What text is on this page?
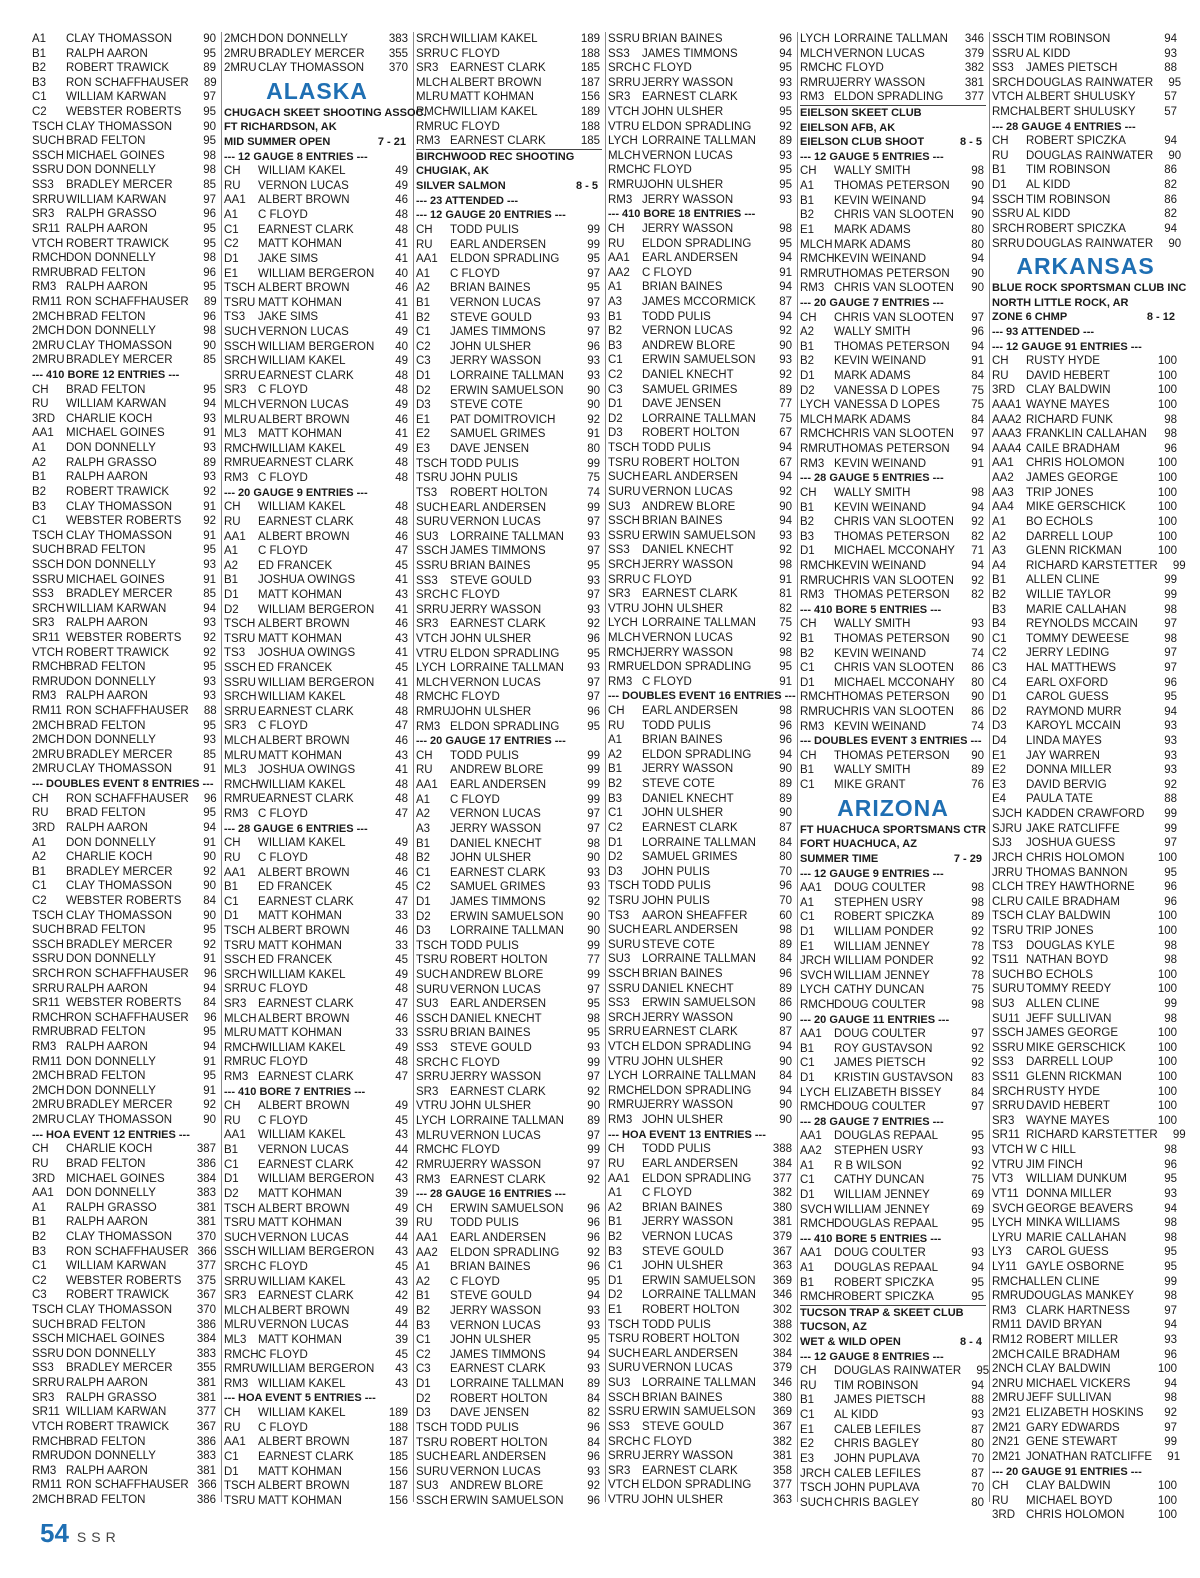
A1	CLAY THOMASSON	90
B1	RALPH AARON	95
B2	ROBERT TRAWICK	89
B3	RON SCHAFFHAUSER	89
C1	WILLIAM KARWAN	97
C2	WEBSTER ROBERTS	95
TSCH CLAY THOMASSON	90
SUCH BRAD FELTON	95
SSCH MICHAEL GOINES	98
SSRU DON DONNELLY	98
SS3	BRADLEY MERCER	85
SRRU WILLIAM KARWAN	97
SR3	RALPH GRASSO	96
SR11 RALPH AARON	95
VTCH ROBERT TRAWICK	95
RMCH DON DONNELLY	98
RMRU BRAD FELTON	96
RM3 RALPH AARON	95
RM11 RON SCHAFFHAUSER	89
2MCH BRAD FELTON	96
2MCH DON DONNELLY	98
2MRU CLAY THOMASSON	90
2MRU BRADLEY MERCER	85
--- 410 BORE 12 ENTRIES ---
CH	BRAD FELTON	95
RU	WILLIAM KARWAN	94
3RD CHARLIE KOCH	93
AA1	MICHAEL GOINES	91
A1	DON DONNELLY	93
A2	RALPH GRASSO	89
B1	RALPH AARON	93
B2	ROBERT TRAWICK	92
B3	CLAY THOMASSON	91
C1	WEBSTER ROBERTS	92
TSCH CLAY THOMASSON	91
SUCH BRAD FELTON	95
SSCH DON DONNELLY	93
SSRU MICHAEL GOINES	91
SS3	BRADLEY MERCER	85
SRCH WILLIAM KARWAN	94
SR3	RALPH AARON	93
SR11 WEBSTER ROBERTS	92
VTCH ROBERT TRAWICK	92
RMCH BRAD FELTON	95
RMRU DON DONNELLY	93
RM3 RALPH AARON	93
RM11 RON SCHAFFHAUSER	88
2MCH BRAD FELTON	95
2MCH DON DONNELLY	93
2MRU BRADLEY MERCER	85
2MRU CLAY THOMASSON	91
--- DOUBLES EVENT 8 ENTRIES ---
CH	RON SCHAFFHAUSER	96
RU	BRAD FELTON	95
3RD RALPH AARON	94
A1	DON DONNELLY	91
A2	CHARLIE KOCH	90
B1	BRADLEY MERCER	92
C1	CLAY THOMASSON	90
C2	WEBSTER ROBERTS	84
TSCH CLAY THOMASSON	90
SUCH BRAD FELTON	95
SSCH BRADLEY MERCER	92
SSRU DON DONNELLY	91
SRCH RON SCHAFFHAUSER	96
SRRU RALPH AARON	94
SR11 WEBSTER ROBERTS	84
RMCH RON SCHAFFHAUSER	96
RMRU BRAD FELTON	95
RM3 RALPH AARON	94
RM11 DON DONNELLY	91
2MCH BRAD FELTON	95
2MCH DON DONNELLY	91
2MRU BRADLEY MERCER	92
2MRU CLAY THOMASSON	90
--- HOA EVENT 12 ENTRIES ---
CH	CHARLIE KOCH	387
RU	BRAD FELTON	386
3RD MICHAEL GOINES	384
AA1	DON DONNELLY	383
A1	RALPH GRASSO	381
B1	RALPH AARON	381
B2	CLAY THOMASSON	370
B3	RON SCHAFFHAUSER 366
C1	WILLIAM KARWAN	377
C2	WEBSTER ROBERTS	375
C3	ROBERT TRAWICK	367
TSCH CLAY THOMASSON	370
SUCH BRAD FELTON	386
SSCH MICHAEL GOINES	384
SSRU DON DONNELLY	383
SS3	BRADLEY MERCER	355
SRRU RALPH AARON	381
SR3	RALPH GRASSO	381
SR11 WILLIAM KARWAN	377
VTCH ROBERT TRAWICK	367
RMCH BRAD FELTON	386
RMRU DON DONNELLY	383
RM3 RALPH AARON	381
RM11 RON SCHAFFHAUSER 366
2MCH BRAD FELTON	386
2MCH DON DONNELLY	383
2MRU BRADLEY MERCER	355
2MRU CLAY THOMASSON	370
ALASKA
CHUGACH SKEET SHOOTING ASSOC.
FT RICHARDSON, AK
MID SUMMER OPEN	7 - 21
--- 12 GAUGE 8 ENTRIES ---
CH	WILLIAM KAKEL	49
RU	VERNON LUCAS	49
AA1	ALBERT BROWN	46
A1	C FLOYD	48
C1	EARNEST CLARK	48
C2	MATT KOHMAN	41
D1	JAKE SIMS	41
E1	WILLIAM BERGERON	40
TSCH ALBERT BROWN	46
TSRU MATT KOHMAN	41
TS3	JAKE SIMS	41
SUCH VERNON LUCAS	49
SSCH WILLIAM BERGERON	40
SRCH WILLIAM KAKEL	49
SRRU EARNEST CLARK	48
SR3	C FLOYD	48
MLCH VERNON LUCAS	49
MLRU ALBERT BROWN	46
ML3	MATT KOHMAN	41
RMCH WILLIAM KAKEL	49
RMRU EARNEST CLARK	48
RM3 C FLOYD	48
--- 20 GAUGE 9 ENTRIES ---
CH	WILLIAM KAKEL	48
RU	EARNEST CLARK	48
AA1	ALBERT BROWN	46
A1	C FLOYD	47
A2	ED FRANCEK	45
B1	JOSHUA OWINGS	41
D1	MATT KOHMAN	43
D2	WILLIAM BERGERON	41
TSCH ALBERT BROWN	46
TSRU MATT KOHMAN	43
TS3	JOSHUA OWINGS	41
SSCH ED FRANCEK	45
SSRU WILLIAM BERGERON	41
SRCH WILLIAM KAKEL	48
SRRU EARNEST CLARK	48
SR3	C FLOYD	47
MLCH ALBERT BROWN	46
MLRU MATT KOHMAN	43
ML3	JOSHUA OWINGS	41
RMCH WILLIAM KAKEL	48
RMRU EARNEST CLARK	48
RM3 C FLOYD	47
--- 28 GAUGE 6 ENTRIES ---
CH	WILLIAM KAKEL	49
RU	C FLOYD	48
AA1	ALBERT BROWN	46
B1	ED FRANCEK	45
C1	EARNEST CLARK	47
D1	MATT KOHMAN	33
TSCH ALBERT BROWN	46
TSRU MATT KOHMAN	33
SSCH ED FRANCEK	45
SRCH WILLIAM KAKEL	49
SRRU C FLOYD	48
SR3	EARNEST CLARK	47
MLCH ALBERT BROWN	46
MLRU MATT KOHMAN	33
RMCH WILLIAM KAKEL	49
RMRU C FLOYD	48
RM3 EARNEST CLARK	47
--- 410 BORE 7 ENTRIES ---
CH	ALBERT BROWN	49
RU	C FLOYD	45
AA1	WILLIAM KAKEL	43
B1	VERNON LUCAS	44
C1	EARNEST CLARK	42
D1	WILLIAM BERGERON	43
D2	MATT KOHMAN	39
TSCH ALBERT BROWN	49
TSRU MATT KOHMAN	39
SUCH VERNON LUCAS	44
SSCH WILLIAM BERGERON	43
SRCH C FLOYD	45
SRRU WILLIAM KAKEL	43
SR3	EARNEST CLARK	42
MLCH ALBERT BROWN	49
MLRU VERNON LUCAS	44
ML3	MATT KOHMAN	39
RMCH C FLOYD	45
RMRU WILLIAM BERGERON	43
RM3 WILLIAM KAKEL	43
--- HOA EVENT 5 ENTRIES ---
CH	WILLIAM KAKEL	189
RU	C FLOYD	188
AA1	ALBERT BROWN	187
C1	EARNEST CLARK	185
D1	MATT KOHMAN	156
TSCH ALBERT BROWN	187
TSRU MATT KOHMAN	156
SRCH WILLIAM KAKEL	189
SRRU C FLOYD	188
SR3	EARNEST CLARK	185
MLCH ALBERT BROWN	187
MLRU MATT KOHMAN	156
RMCH WILLIAM KAKEL	189
RMRU C FLOYD	188
RM3 EARNEST CLARK	185
BIRCHWOOD REC SHOOTING
CHUGIAK, AK
SILVER SALMON	8 - 5
--- 23 ATTENDED ---
--- 12 GAUGE 20 ENTRIES ---
CH	TODD PULIS	99
RU	EARL ANDERSEN	99
AA1	ELDON SPRADLING	95
A1	C FLOYD	97
A2	BRIAN BAINES	95
B1	VERNON LUCAS	97
B2	STEVE GOULD	93
C1	JAMES TIMMONS	97
C2	JOHN ULSHER	96
C3	JERRY WASSON	93
D1	LORRAINE TALLMAN	93
D2	ERWIN SAMUELSON	90
D3	STEVE COTE	90
E1	PAT DOMITROVICH	92
E2	SAMUEL GRIMES	91
E3	DAVE JENSEN	80
TSCH TODD PULIS	99
TSRU JOHN PULIS	75
TS3	ROBERT HOLTON	74
SUCH EARL ANDERSEN	99
SURU VERNON LUCAS	97
SU3	LORRAINE TALLMAN	93
SSCH JAMES TIMMONS	97
SSRU BRIAN BAINES	95
SS3	STEVE GOULD	93
SRCH C FLOYD	97
SRRU JERRY WASSON	93
SR3	EARNEST CLARK	92
VTCH JOHN ULSHER	96
VTRU ELDON SPRADLING	95
LYCH LORRAINE TALLMAN	93
MLCH VERNON LUCAS	97
RMCH C FLOYD	97
RMRU JOHN ULSHER	96
RM3 ELDON SPRADLING	95
--- 20 GAUGE 17 ENTRIES ---
CH	TODD PULIS	99
RU	ANDREW BLORE	99
AA1	EARL ANDERSEN	99
A1	C FLOYD	99
A2	VERNON LUCAS	97
A3	JERRY WASSON	97
B1	DANIEL KNECHT	98
B2	JOHN ULSHER	90
C1	EARNEST CLARK	93
C2	SAMUEL GRIMES	93
D1	JAMES TIMMONS	92
D2	ERWIN SAMUELSON	90
D3	LORRAINE TALLMAN	90
TSCH TODD PULIS	99
TSRU ROBERT HOLTON	77
SUCH ANDREW BLORE	99
SURU VERNON LUCAS	97
SU3	EARL ANDERSEN	95
SSCH DANIEL KNECHT	98
SSRU BRIAN BAINES	95
SS3	STEVE GOULD	93
SRCH C FLOYD	99
SRRU JERRY WASSON	97
SR3	EARNEST CLARK	92
VTRU JOHN ULSHER	90
LYCH LORRAINE TALLMAN	89
MLRU VERNON LUCAS	97
RMCH C FLOYD	99
RMRU JERRY WASSON	97
RM3 EARNEST CLARK	92
--- 28 GAUGE 16 ENTRIES ---
CH	ERWIN SAMUELSON	96
RU	TODD PULIS	96
AA1	EARL ANDERSEN	96
AA2	ELDON SPRADLING	92
A1	BRIAN BAINES	96
A2	C FLOYD	95
B1	STEVE GOULD	94
B2	JERRY WASSON	93
B3	VERNON LUCAS	93
C1	JOHN ULSHER	95
C2	JAMES TIMMONS	94
C3	EARNEST CLARK	93
D1	LORRAINE TALLMAN	89
D2	ROBERT HOLTON	84
D3	DAVE JENSEN	82
TSCH TODD PULIS	96
TSRU ROBERT HOLTON	84
SUCH EARL ANDERSEN	96
SURU VERNON LUCAS	93
SU3	ANDREW BLORE	92
SSCH ERWIN SAMUELSON	96
SSRU BRIAN BAINES	96
SS3	JAMES TIMMONS	94
SRCH C FLOYD	95
SRRU JERRY WASSON	93
SR3	EARNEST CLARK	93
VTCH JOHN ULSHER	95
VTRU ELDON SPRADLING	92
LYCH LORRAINE TALLMAN	89
MLCH VERNON LUCAS	93
RMCH C FLOYD	95
RMRU JOHN ULSHER	95
RM3 JERRY WASSON	93
--- 410 BORE 18 ENTRIES ---
CH	JERRY WASSON	98
RU	ELDON SPRADLING	95
AA1	EARL ANDERSEN	94
AA2	C FLOYD	91
A1	BRIAN BAINES	94
A3	JAMES MCCORMICK	87
B1	TODD PULIS	94
B2	VERNON LUCAS	92
B3	ANDREW BLORE	90
C1	ERWIN SAMUELSON	93
C2	DANIEL KNECHT	92
C3	SAMUEL GRIMES	89
D1	DAVE JENSEN	77
D2	LORRAINE TALLMAN	75
D3	ROBERT HOLTON	67
TSCH TODD PULIS	94
TSRU ROBERT HOLTON	67
SUCH EARL ANDERSEN	94
SURU VERNON LUCAS	92
SU3	ANDREW BLORE	90
SSCH BRIAN BAINES	94
SSRU ERWIN SAMUELSON	93
SS3	DANIEL KNECHT	92
SRCH JERRY WASSON	98
SRRU C FLOYD	91
SR3	EARNEST CLARK	81
VTRU JOHN ULSHER	82
LYCH LORRAINE TALLMAN	75
MLCH VERNON LUCAS	92
RMCH JERRY WASSON	98
RMRU ELDON SPRADLING	95
RM3 C FLOYD	91
--- DOUBLES EVENT 16 ENTRIES ---
CH	EARL ANDERSEN	98
RU	TODD PULIS	96
A1	BRIAN BAINES	96
A2	ELDON SPRADLING	94
B1	JERRY WASSON	90
B2	STEVE COTE	89
B3	DANIEL KNECHT	89
C1	JOHN ULSHER	90
C2	EARNEST CLARK	87
D1	LORRAINE TALLMAN	84
D2	SAMUEL GRIMES	80
D3	JOHN PULIS	70
TSCH TODD PULIS	96
TSRU JOHN PULIS	70
TS3	AARON SHEAFFER	60
SUCH EARL ANDERSEN	98
SURU STEVE COTE	89
SU3	LORRAINE TALLMAN	84
SSCH BRIAN BAINES	96
SSRU DANIEL KNECHT	89
SS3	ERWIN SAMUELSON	86
SRCH JERRY WASSON	90
SRRU EARNEST CLARK	87
VTCH ELDON SPRADLING	94
VTRU JOHN ULSHER	90
LYCH LORRAINE TALLMAN	84
RMCH ELDON SPRADLING	94
RMRU JERRY WASSON	90
RM3 JOHN ULSHER	90
--- HOA EVENT 13 ENTRIES ---
CH	TODD PULIS	388
RU	EARL ANDERSEN	384
AA1	ELDON SPRADLING	377
A1	C FLOYD	382
A2	BRIAN BAINES	380
B1	JERRY WASSON	381
B2	VERNON LUCAS	379
B3	STEVE GOULD	367
C1	JOHN ULSHER	363
D1	ERWIN SAMUELSON	369
D2	LORRAINE TALLMAN	346
E1	ROBERT HOLTON	302
TSCH TODD PULIS	388
TSRU ROBERT HOLTON	302
SUCH EARL ANDERSEN	384
SURU VERNON LUCAS	379
SU3	LORRAINE TALLMAN	346
SSCH BRIAN BAINES	380
SSRU ERWIN SAMUELSON	369
SS3	STEVE GOULD	367
SRCH C FLOYD	382
SRRU JERRY WASSON	381
SR3	EARNEST CLARK	358
VTCH ELDON SPRADLING	377
VTRU JOHN ULSHER	363
LYCH LORRAINE TALLMAN	346
MLCH VERNON LUCAS	379
RMCH C FLOYD	382
RMRU JERRY WASSON	381
RM3 ELDON SPRADLING	377
EIELSON SKEET CLUB
EIELSON AFB, AK
EIELSON CLUB SHOOT	8 - 5
--- 12 GAUGE 5 ENTRIES ---
CH	WALLY SMITH	98
A1	THOMAS PETERSON	90
B1	KEVIN WEINAND	94
B2	CHRIS VAN SLOOTEN	90
E1	MARK ADAMS	80
MLCH MARK ADAMS	80
RMCH KEVIN WEINAND	94
RMRU THOMAS PETERSON	90
RM3 CHRIS VAN SLOOTEN	90
--- 20 GAUGE 7 ENTRIES ---
CH	CHRIS VAN SLOOTEN	97
A2	WALLY SMITH	96
B1	THOMAS PETERSON	94
B2	KEVIN WEINAND	91
D1	MARK ADAMS	84
D2	VANESSA D LOPES	75
LYCH VANESSA D LOPES	75
MLCH MARK ADAMS	84
RMCH CHRIS VAN SLOOTEN	97
RMRU THOMAS PETERSON	94
RM3 KEVIN WEINAND	91
--- 28 GAUGE 5 ENTRIES ---
CH	WALLY SMITH	98
B1	KEVIN WEINAND	94
B2	CHRIS VAN SLOOTEN	92
B3	THOMAS PETERSON	82
D1	MICHAEL MCCONAHY	71
RMCH KEVIN WEINAND	94
RMRU CHRIS VAN SLOOTEN	92
RM3 THOMAS PETERSON	82
--- 410 BORE 5 ENTRIES ---
CH	WALLY SMITH	93
B1	THOMAS PETERSON	90
B2	KEVIN WEINAND	74
C1	CHRIS VAN SLOOTEN	86
D1	MICHAEL MCCONAHY	80
RMCH THOMAS PETERSON	90
RMRU CHRIS VAN SLOOTEN	86
RM3 KEVIN WEINAND	74
--- DOUBLES EVENT 3 ENTRIES ---
CH	THOMAS PETERSON	90
B1	WALLY SMITH	89
C1	MIKE GRANT	76
ARIZONA
FT HUACHUCA SPORTSMANS CTR
FORT HUACHUCA, AZ
SUMMER TIME	7 - 29
--- 12 GAUGE 9 ENTRIES ---
AA1	DOUG COULTER	98
A1	STEPHEN USRY	98
C1	ROBERT SPICZKA	89
D1	WILLIAM PONDER	92
E1	WILLIAM JENNEY	78
JRCH WILLIAM PONDER	92
SVCH WILLIAM JENNEY	78
LYCH CATHY DUNCAN	75
RMCH DOUG COULTER	98
--- 20 GAUGE 11 ENTRIES ---
AA1	DOUG COULTER	97
B1	ROY GUSTAVSON	92
C1	JAMES PIETSCH	92
D1	KRISTIN GUSTAVSON	83
LYCH ELIZABETH BISSEY	84
RMCH DOUG COULTER	97
--- 28 GAUGE 7 ENTRIES ---
AA1	DOUGLAS REPAAL	95
AA2	STEPHEN USRY	93
A1	R B WILSON	92
C1	CATHY DUNCAN	75
D1	WILLIAM JENNEY	69
SVCH WILLIAM JENNEY	69
RMCH DOUGLAS REPAAL	95
--- 410 BORE 5 ENTRIES ---
AA1	DOUG COULTER	93
A1	DOUGLAS REPAAL	94
B1	ROBERT SPICZKA	95
RMCH ROBERT SPICZKA	95
TUCSON TRAP & SKEET CLUB
TUCSON, AZ
WET & WILD OPEN	8 - 4
--- 12 GAUGE 8 ENTRIES ---
CH	DOUGLAS RAINWATER	95
RU	TIM ROBINSON	94
B1	JAMES PIETSCH	88
C1	AL KIDD	93
E1	CALEB LEFILES	87
E2	CHRIS BAGLEY	80
E3	JOHN PUPLAVA	70
JRCH CALEB LEFILES	87
TSCH JOHN PUPLAVA	70
SUCH CHRIS BAGLEY	80
SSCH TIM ROBINSON	94
SSRU AL KIDD	93
SS3	JAMES PIETSCH	88
SRCH DOUGLAS RAINWATER	95
VTCH ALBERT SHULUSKY	57
RMCH ALBERT SHULUSKY	57
--- 28 GAUGE 4 ENTRIES ---
CH	ROBERT SPICZKA	94
RU	DOUGLAS RAINWATER	90
B1	TIM ROBINSON	86
D1	AL KIDD	82
SSCH TIM ROBINSON	86
SSRU AL KIDD	82
SRCH ROBERT SPICZKA	94
SRRU DOUGLAS RAINWATER	90
ARKANSAS
BLUE ROCK SPORTSMAN CLUB INC
NORTH LITTLE ROCK, AR
ZONE 6 CHMP	8 - 12
--- 93 ATTENDED ---
--- 12 GAUGE 91 ENTRIES ---
CH	RUSTY HYDE	100
RU	DAVID HEBERT	100
3RD CLAY BALDWIN	100
AAA1 WAYNE MAYES	100
AAA2 RICHARD FUNK	98
AAA3 FRANKLIN CALLAHAN	98
AAA4 CAILE BRADHAM	96
AA1	CHRIS HOLOMON	100
AA2	JAMES GEORGE	100
AA3	TRIP JONES	100
AA4	MIKE GERSCHICK	100
A1	BO ECHOLS	100
A2	DARRELL LOUP	100
A3	GLENN RICKMAN	100
A4	RICHARD KARSTETTER	99
B1	ALLEN CLINE	99
B2	WILLIE TAYLOR	99
B3	MARIE CALLAHAN	98
B4	REYNOLDS MCCAIN	97
C1	TOMMY DEWEESE	98
C2	JERRY LEDING	97
C3	HAL MATTHEWS	97
C4	EARL OXFORD	96
D1	CAROL GUESS	95
D2	RAYMOND MURR	94
D3	KAROYL MCCAIN	93
D4	LINDA MAYES	93
E1	JAY WARREN	93
E2	DONNA MILLER	93
E3	DAVID BERVIG	92
E4	PAULA TATE	88
SJCH KADDEN CRAWFORD	99
SJRU JAKE RATCLIFFE	99
SJ3	JOSHUA GUESS	97
JRCH CHRIS HOLOMON	100
JRRU THOMAS BANNON	95
CLCH TREY HAWTHORNE	96
CLRU CAILE BRADHAM	96
TSCH CLAY BALDWIN	100
TSRU TRIP JONES	100
TS3	DOUGLAS KYLE	98
TS11 NATHAN BOYD	98
SUCH BO ECHOLS	100
SURU TOMMY REEDY	100
SU3	ALLEN CLINE	99
SU11 JEFF SULLIVAN	98
SSCH JAMES GEORGE	100
SSRU MIKE GERSCHICK	100
SS3	DARRELL LOUP	100
SS11 GLENN RICKMAN	100
SRCH RUSTY HYDE	100
SRRU DAVID HEBERT	100
SR3	WAYNE MAYES	100
SR11 RICHARD KARSTETTER	99
VTCH W C HILL	98
VTRU JIM FINCH	96
VT3	WILLIAM DUNKUM	95
VT11 DONNA MILLER	93
SVCH GEORGE BEAVERS	94
LYCH MINKA WILLIAMS	98
LYRU MARIE CALLAHAN	98
LY3	CAROL GUESS	95
LY11 GAYLE OSBORNE	95
RMCH ALLEN CLINE	99
RMRU DOUGLAS MANKEY	98
RM3 CLARK HARTNESS	97
RM11 DAVID BRYAN	94
RM12 ROBERT MILLER	93
2MCH CAILE BRADHAM	96
2NCH CLAY BALDWIN	100
2NRU MICHAEL VICKERS	94
2MRU JEFF SULLIVAN	98
2M21 ELIZABETH HOSKINS	92
2M21 GARY EDWARDS	97
2N21 GENE STEWART	99
2M21 JONATHAN RATCLIFFE	91
--- 20 GAUGE 91 ENTRIES ---
CH	CLAY BALDWIN	100
RU	MICHAEL BOYD	100
3RD CHRIS HOLOMON	100
54 SSR
